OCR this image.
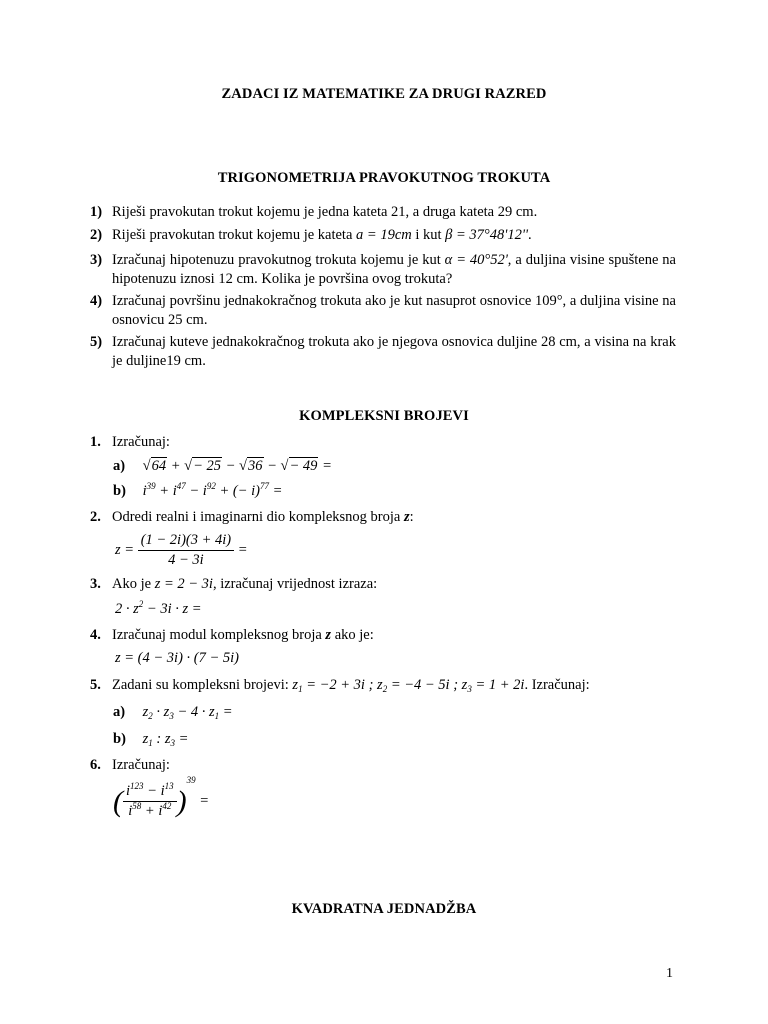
ZADACI IZ MATEMATIKE ZA DRUGI RAZRED
TRIGONOMETRIJA PRAVOKUTNOG TROKUTA
1) Riješi pravokutan trokut kojemu je jedna kateta 21, a druga kateta 29 cm.
2) Riješi pravokutan trokut kojemu je kateta a = 19cm i kut β = 37°48'12''.
3) Izračunaj hipotenuzu pravokutnog trokuta kojemu je kut α = 40°52', a duljina visine spuštene na hipotenuzu iznosi 12 cm. Kolika je površina ovog trokuta?
4) Izračunaj površinu jednakokračnog trokuta ako je kut nasuprot osnovice 109°, a duljina visine na osnovicu 25 cm.
5) Izračunaj kuteve jednakokračnog trokuta ako je njegova osnovica duljine 28 cm, a visina na krak je duljine19 cm.
KOMPLEKSNI BROJEVI
1. Izračunaj:
a) √64 + √− 25 − √36 − √− 49 =
b) $i^{39} + i^{47} - i^{92}$ + (− i)$^{77}$ =
2. Odredi realni i imaginarni dio kompleksnog broja z:
$z = \frac{(1 - 2i)(3 + 4i)}{4 - 3i}$ =
3. Ako je z = 2 − 3i, izračunaj vrijednost izraza:
$2 \cdot z^2 - 3i \cdot z$ =
4. Izračunaj modul kompleksnog broja z ako je:
z = (4 − 3i) · (7 − 5i)
5. Zadani su kompleksni brojevi: $z_1 = -2 + 3i$ ; $z_2 = -4 - 5i$ ; $z_3 = 1 + 2i$. Izračunaj:
a) $z_2 \cdot z_3 - 4 \cdot z_1$ =
b) $z_1$ : $z_3$ =
6. Izračunaj:
( $\frac{i^{123} - i^{13}}{i^{58} + i^{42}} )^{39}$ =
KVADRATNA JEDNADŽBA
1
